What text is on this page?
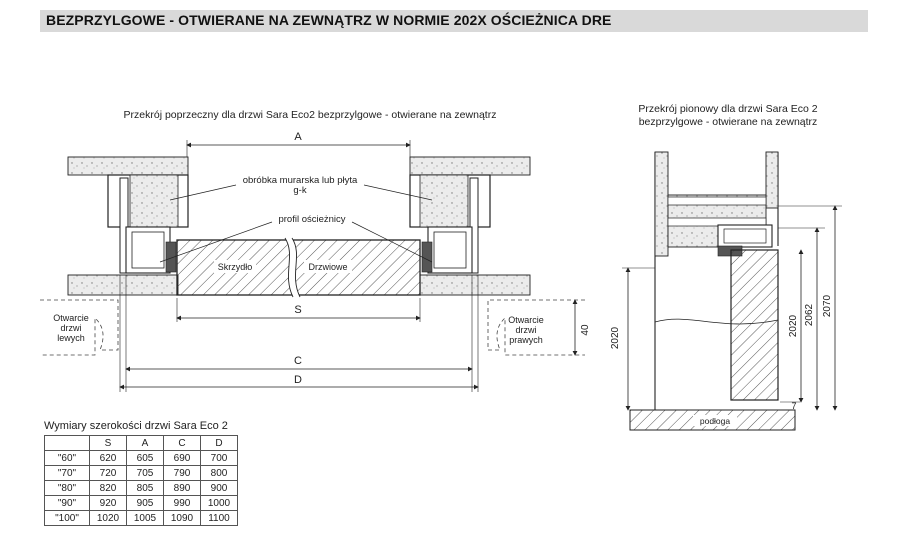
BEZPRZYLGOWE - OTWIERANE NA ZEWNĄTRZ W NORMIE 202X OŚCIEŻNICA DRE
Przekrój poprzeczny dla drzwi Sara Eco2 bezprzylgowe - otwierane na zewnątrz
A
Skrzydło	Drzwiowe
obróbka murarska lub płyta
g-k
profil ościeżnicy
Otwarcie
drzwi
lewych
Otwarcie
drzwi
prawych
40
S
C
D
Przekrój pionowy dla drzwi Sara Eco 2
bezprzylgowe - otwierane na zewnątrz
podłoga
2020
2020 2062 2070
7
Wymiary szerokości drzwi Sara Eco 2
	S	A	C	D
"60"	620	605	690	700
"70"	720	705	790	800
"80"	820	805	890	900
"90"	920	905	990	1000
"100"	1020	1005	1090	1100
